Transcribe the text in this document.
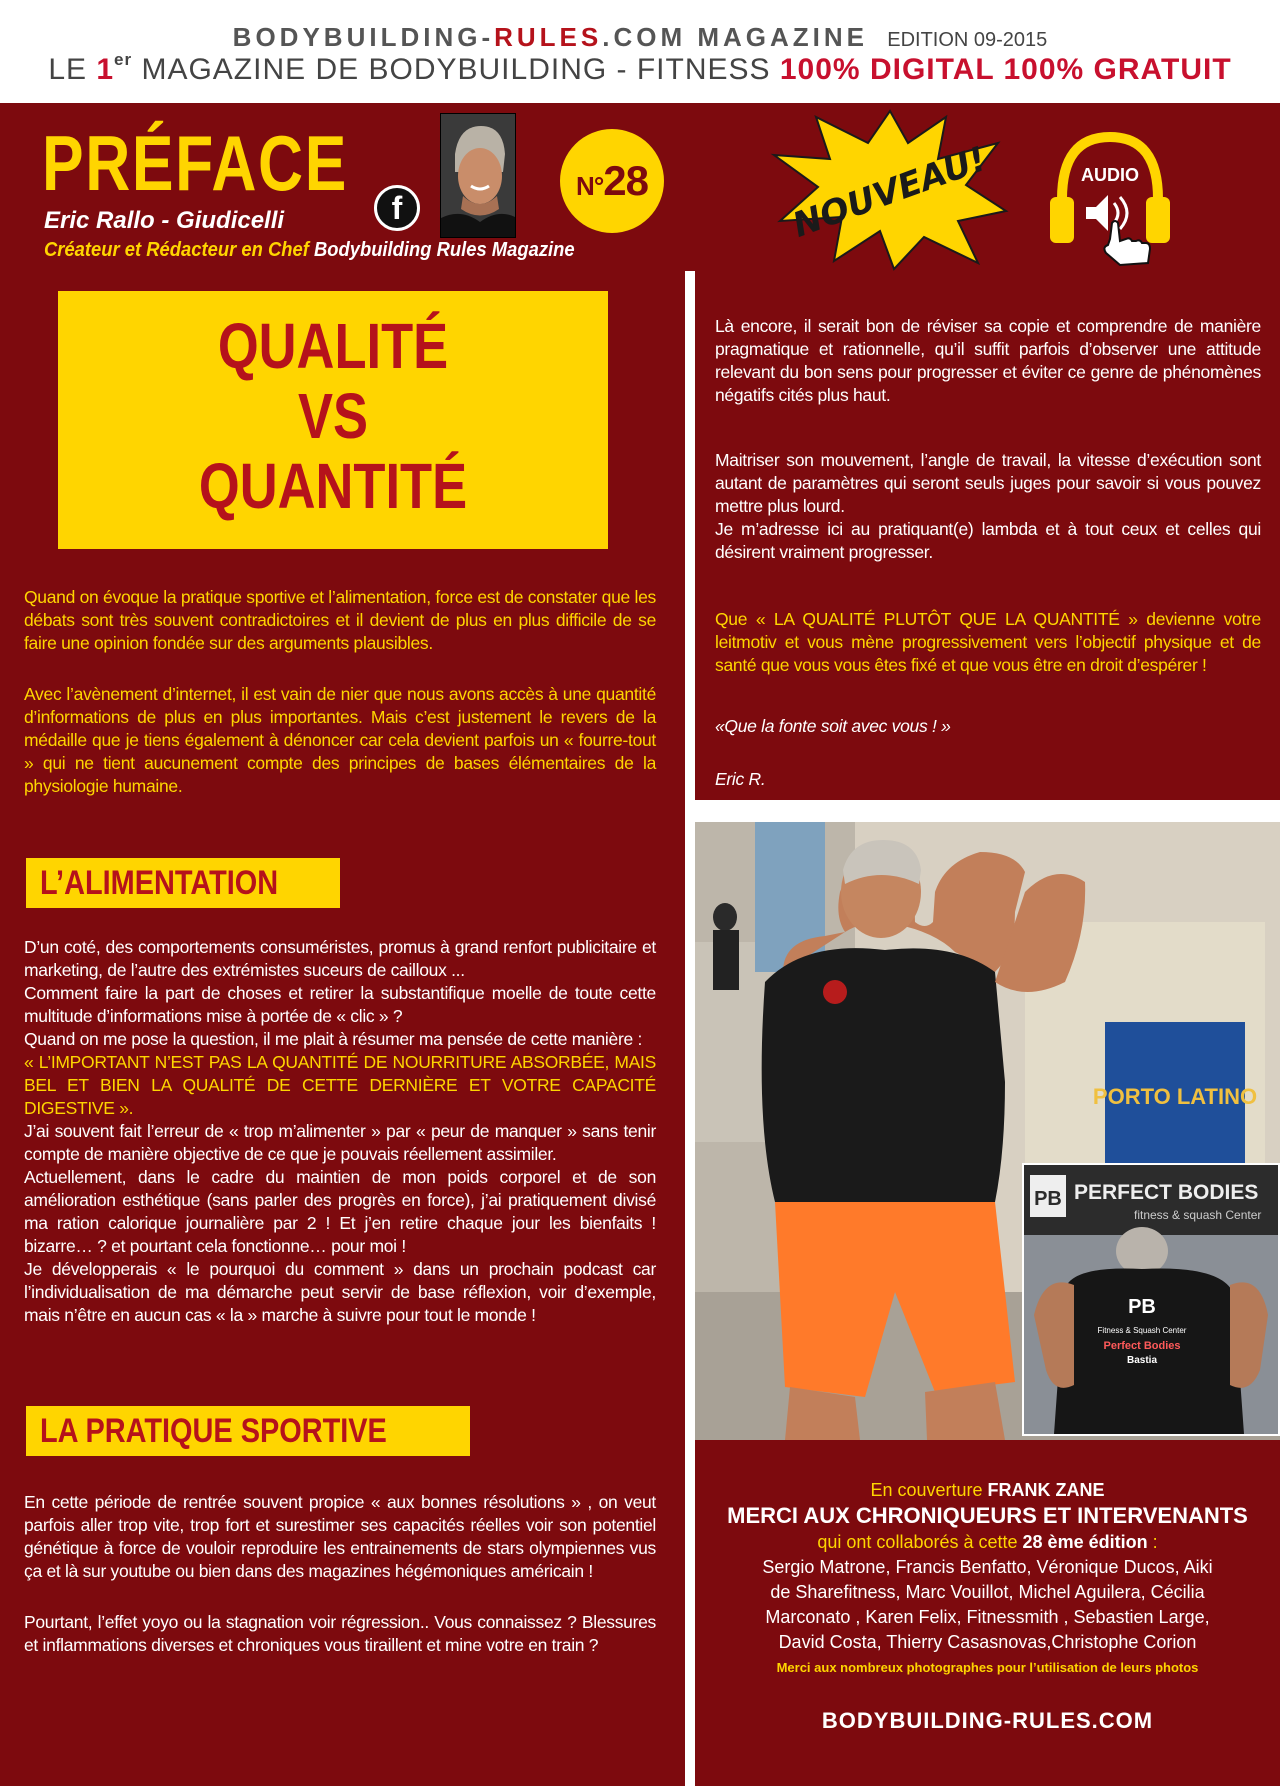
BODYBUILDING-RULES.COM MAGAZINE EDITION 09-2015
LE 1er MAGAZINE DE BODYBUILDING - FITNESS 100% DIGITAL 100% GRATUIT
PRÉFACE
Eric Rallo - Giudicelli
Créateur et Rédacteur en Chef Bodybuilding Rules Magazine
f
N°28	NOUVEAU!	AUDIO
QUALITÉ
VS
QUANTITÉ

Quand on évoque la pratique sportive et l’alimentation, force est de constater que les débats sont très souvent contradictoires et il devient de plus en plus difficile de se faire une opinion fondée sur des arguments plausibles.

Avec l’avènement d’internet, il est vain de nier que nous avons accès à une quantité d’informations de plus en plus importantes. Mais c’est justement le revers de la médaille que je tiens également à dénoncer car cela devient parfois un « fourre-tout » qui ne tient aucunement compte des principes de bases élémentaires de la physiologie humaine.

L’ALIMENTATION

D’un coté, des comportements consuméristes, promus à grand renfort publicitaire et marketing, de l’autre des extrémistes suceurs de cailloux ...

Comment faire la part de choses et retirer la substantifique moelle de toute cette multitude d’informations mise à portée de « clic » ?

Quand on me pose la question, il me plait à résumer ma pensée de cette manière :

« L’IMPORTANT N’EST PAS LA QUANTITÉ DE NOURRITURE ABSORBÉE, MAIS BEL ET BIEN LA QUALITÉ DE CETTE DERNIÈRE ET VOTRE CAPACITÉ DIGESTIVE ».

J’ai souvent fait l’erreur de « trop m’alimenter » par « peur de manquer » sans tenir compte de manière objective de ce que je pouvais réellement assimiler.

Actuellement, dans le cadre du maintien de mon poids corporel et de son amélioration esthétique (sans parler des progrès en force), j’ai pratiquement divisé ma ration calorique journalière par 2 ! Et j’en retire chaque jour les bienfaits ! bizarre… ? et pourtant cela fonctionne… pour moi !

Je développerais « le pourquoi du comment » dans un prochain podcast car l’individualisation de ma démarche peut servir de base réflexion, voir d’exemple, mais n’être en aucun cas « la » marche à suivre pour tout le monde !

LA PRATIQUE SPORTIVE

En cette période de rentrée souvent propice « aux bonnes résolutions » , on veut parfois aller trop vite, trop fort et surestimer ses capacités réelles voir son potentiel génétique à force de vouloir reproduire les entrainements de stars olympiennes vus ça et là sur youtube ou bien dans des magazines hégémoniques américain !

Pourtant, l’effet yoyo ou la stagnation voir régression.. Vous connaissez ? Blessures et inflammations diverses et chroniques vous tiraillent et mine votre en train ?

Là encore, il serait bon de réviser sa copie et comprendre de manière pragmatique et rationnelle, qu’il suffit parfois d’observer une attitude relevant du bon sens pour progresser et éviter ce genre de phénomènes négatifs cités plus haut.

Maitriser son mouvement, l’angle de travail, la vitesse d’exécution sont autant de paramètres qui seront seuls juges pour savoir si vous pouvez mettre plus lourd.

Je m’adresse ici au pratiquant(e) lambda et à tout ceux et celles qui désirent vraiment progresser.

Que « LA QUALITÉ PLUTÔT QUE LA QUANTITÉ » devienne votre leitmotiv et vous mène progressivement vers l’objectif physique et de santé que vous vous êtes fixé et que vous être en droit d’espérer !

«Que la fonte soit avec vous ! »

Eric R.

PORTO LATINO
PB PERFECT BODIES
fitness & squash Center
PB
Fitness & Squash Center
Perfect Bodies
Bastia
En couverture FRANK ZANE
MERCI AUX CHRONIQUEURS ET INTERVENANTS
qui ont collaborés à cette 28 ème édition :
Sergio Matrone, Francis Benfatto, Véronique Ducos, Aiki
de Sharefitness, Marc Vouillot, Michel Aguilera, Cécilia
Marconato , Karen Felix, Fitnessmith , Sebastien Large,
David Costa, Thierry Casasnovas,Christophe Corion
Merci aux nombreux photographes pour l’utilisation de leurs photos
BODYBUILDING-RULES.COM
